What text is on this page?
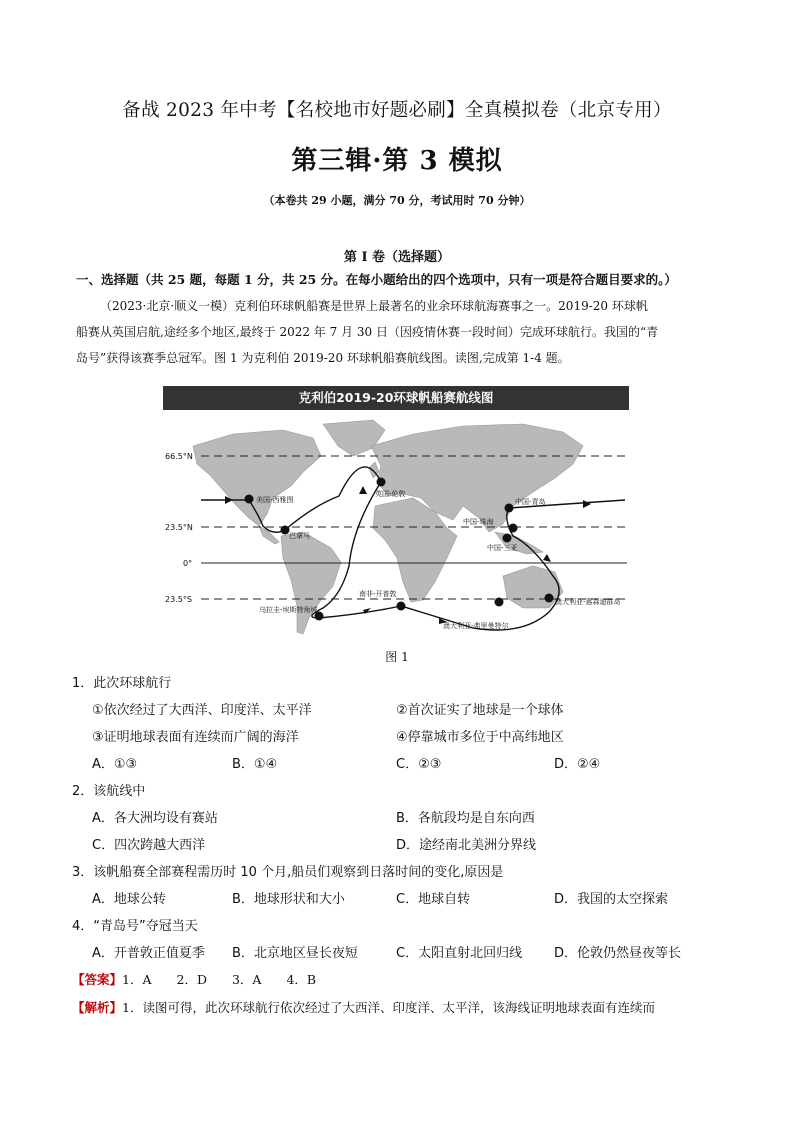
备战 2023 年中考【名校地市好题必刷】全真模拟卷（北京专用）
第三辑·第 3 模拟
（本卷共 29 小题，满分 70 分，考试用时 70 分钟）
第 I 卷（选择题）
一、选择题（共 25 题，每题 1 分，共 25 分。在每小题给出的四个选项中，只有一项是符合题目要求的。）
（2023·北京·顺义一模）克利伯环球帆船赛是世界上最著名的业余环球航海赛事之一。2019-20 环球帆
船赛从英国启航,途经多个地区,最终于 2022 年 7 月 30 日（因疫情休赛一段时间）完成环球航行。我国的“青
岛号”获得该赛季总冠军。图 1 为克利伯 2019-20 环球帆船赛航线图。读图,完成第 1-4 题。
克利伯2019-20环球帆船赛航线图
66.5°N
23.5°N
0°
23.5°S
美国-西雅图
巴拿马
英国-伦敦
中国-青岛
中国-珠海
中国-三亚
南非-开普敦
乌拉圭-埃斯特角城
澳大利亚-弗里曼特尔
澳大利亚-惠森迪群岛
图 1
1．此次环球航行
①依次经过了大西洋、印度洋、太平洋	②首次证实了地球是一个球体
③证明地球表面有连续而广阔的海洋	④停靠城市多位于中高纬地区
A．①③	B．①④	C．②③	D．②④
2．该航线中
A．各大洲均设有赛站	B．各航段均是自东向西
C．四次跨越大西洋	D．途经南北美洲分界线
3．该帆船赛全部赛程需历时 10 个月,船员们观察到日落时间的变化,原因是
A．地球公转	B．地球形状和大小	C．地球自转	D．我国的太空探索
4．“青岛号”夺冠当天
A．开普敦正值夏季 B．北京地区昼长夜短	C．太阳直射北回归线 D．伦敦仍然昼夜等长
【答案】1．A　　2．D　　3．A　　4．B
【解析】1．读图可得，此次环球航行依次经过了大西洋、印度洋、太平洋，该海线证明地球表面有连续而
